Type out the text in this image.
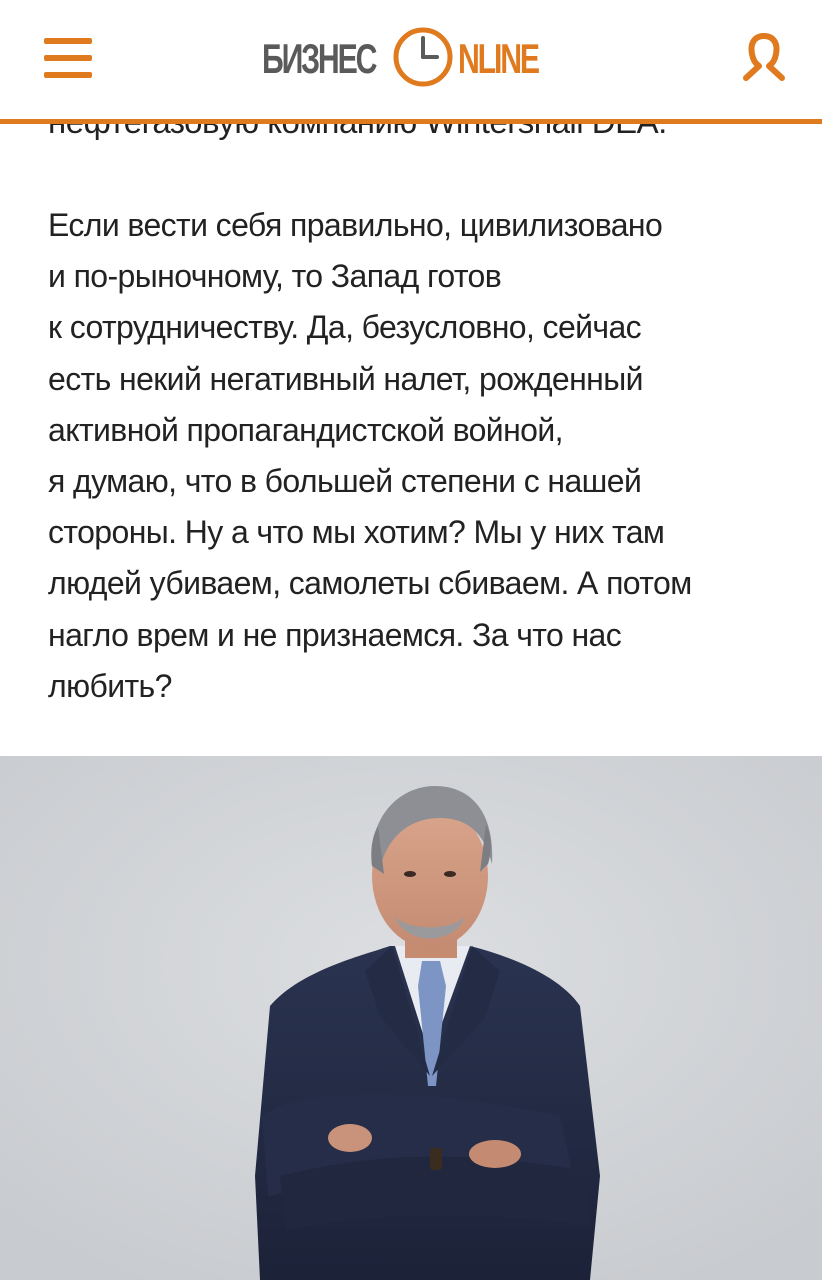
Если вести себя правильно, цивилизовано
и по-рыночному, то Запад готов
к сотрудничеству. Да, безусловно, сейчас
есть некий негативный налет, рожденный
активной пропагандистской войной,
я думаю, что в большей степени с нашей
стороны. Ну а что мы хотим? Мы у них там
людей убиваем, самолеты сбиваем. А потом
нагло врем и не признаемся. За что нас
любить?

БИЗНЕС NLINE
